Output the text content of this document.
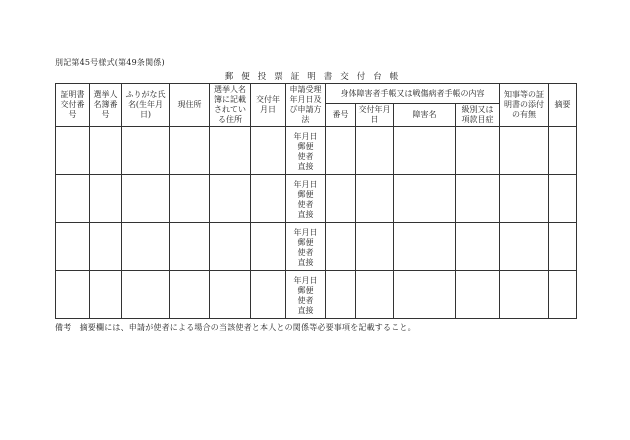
別記第45号様式(第49条関係)
郵便投票証明書交付台帳
証明書交付番号	選挙人名簿番号	ふりがな氏名(生年月日)	現住所	選挙人名簿に記載されている住所	交付年月日	申請受理年月日及び申請方法	身体障害者手帳又は戦傷病者手帳の内容				知事等の証明書の添付の有無	摘要
							番号	交付年月日	障害名	級別又は項款目症		

						年月日
郵便
使者
直接						

						年月日
郵便
使者
直接						

						年月日
郵便
使者
直接						

						年月日
郵便
使者
直接						

備考　摘要欄には、申請が使者による場合の当該使者と本人との関係等必要事項を記載すること。
